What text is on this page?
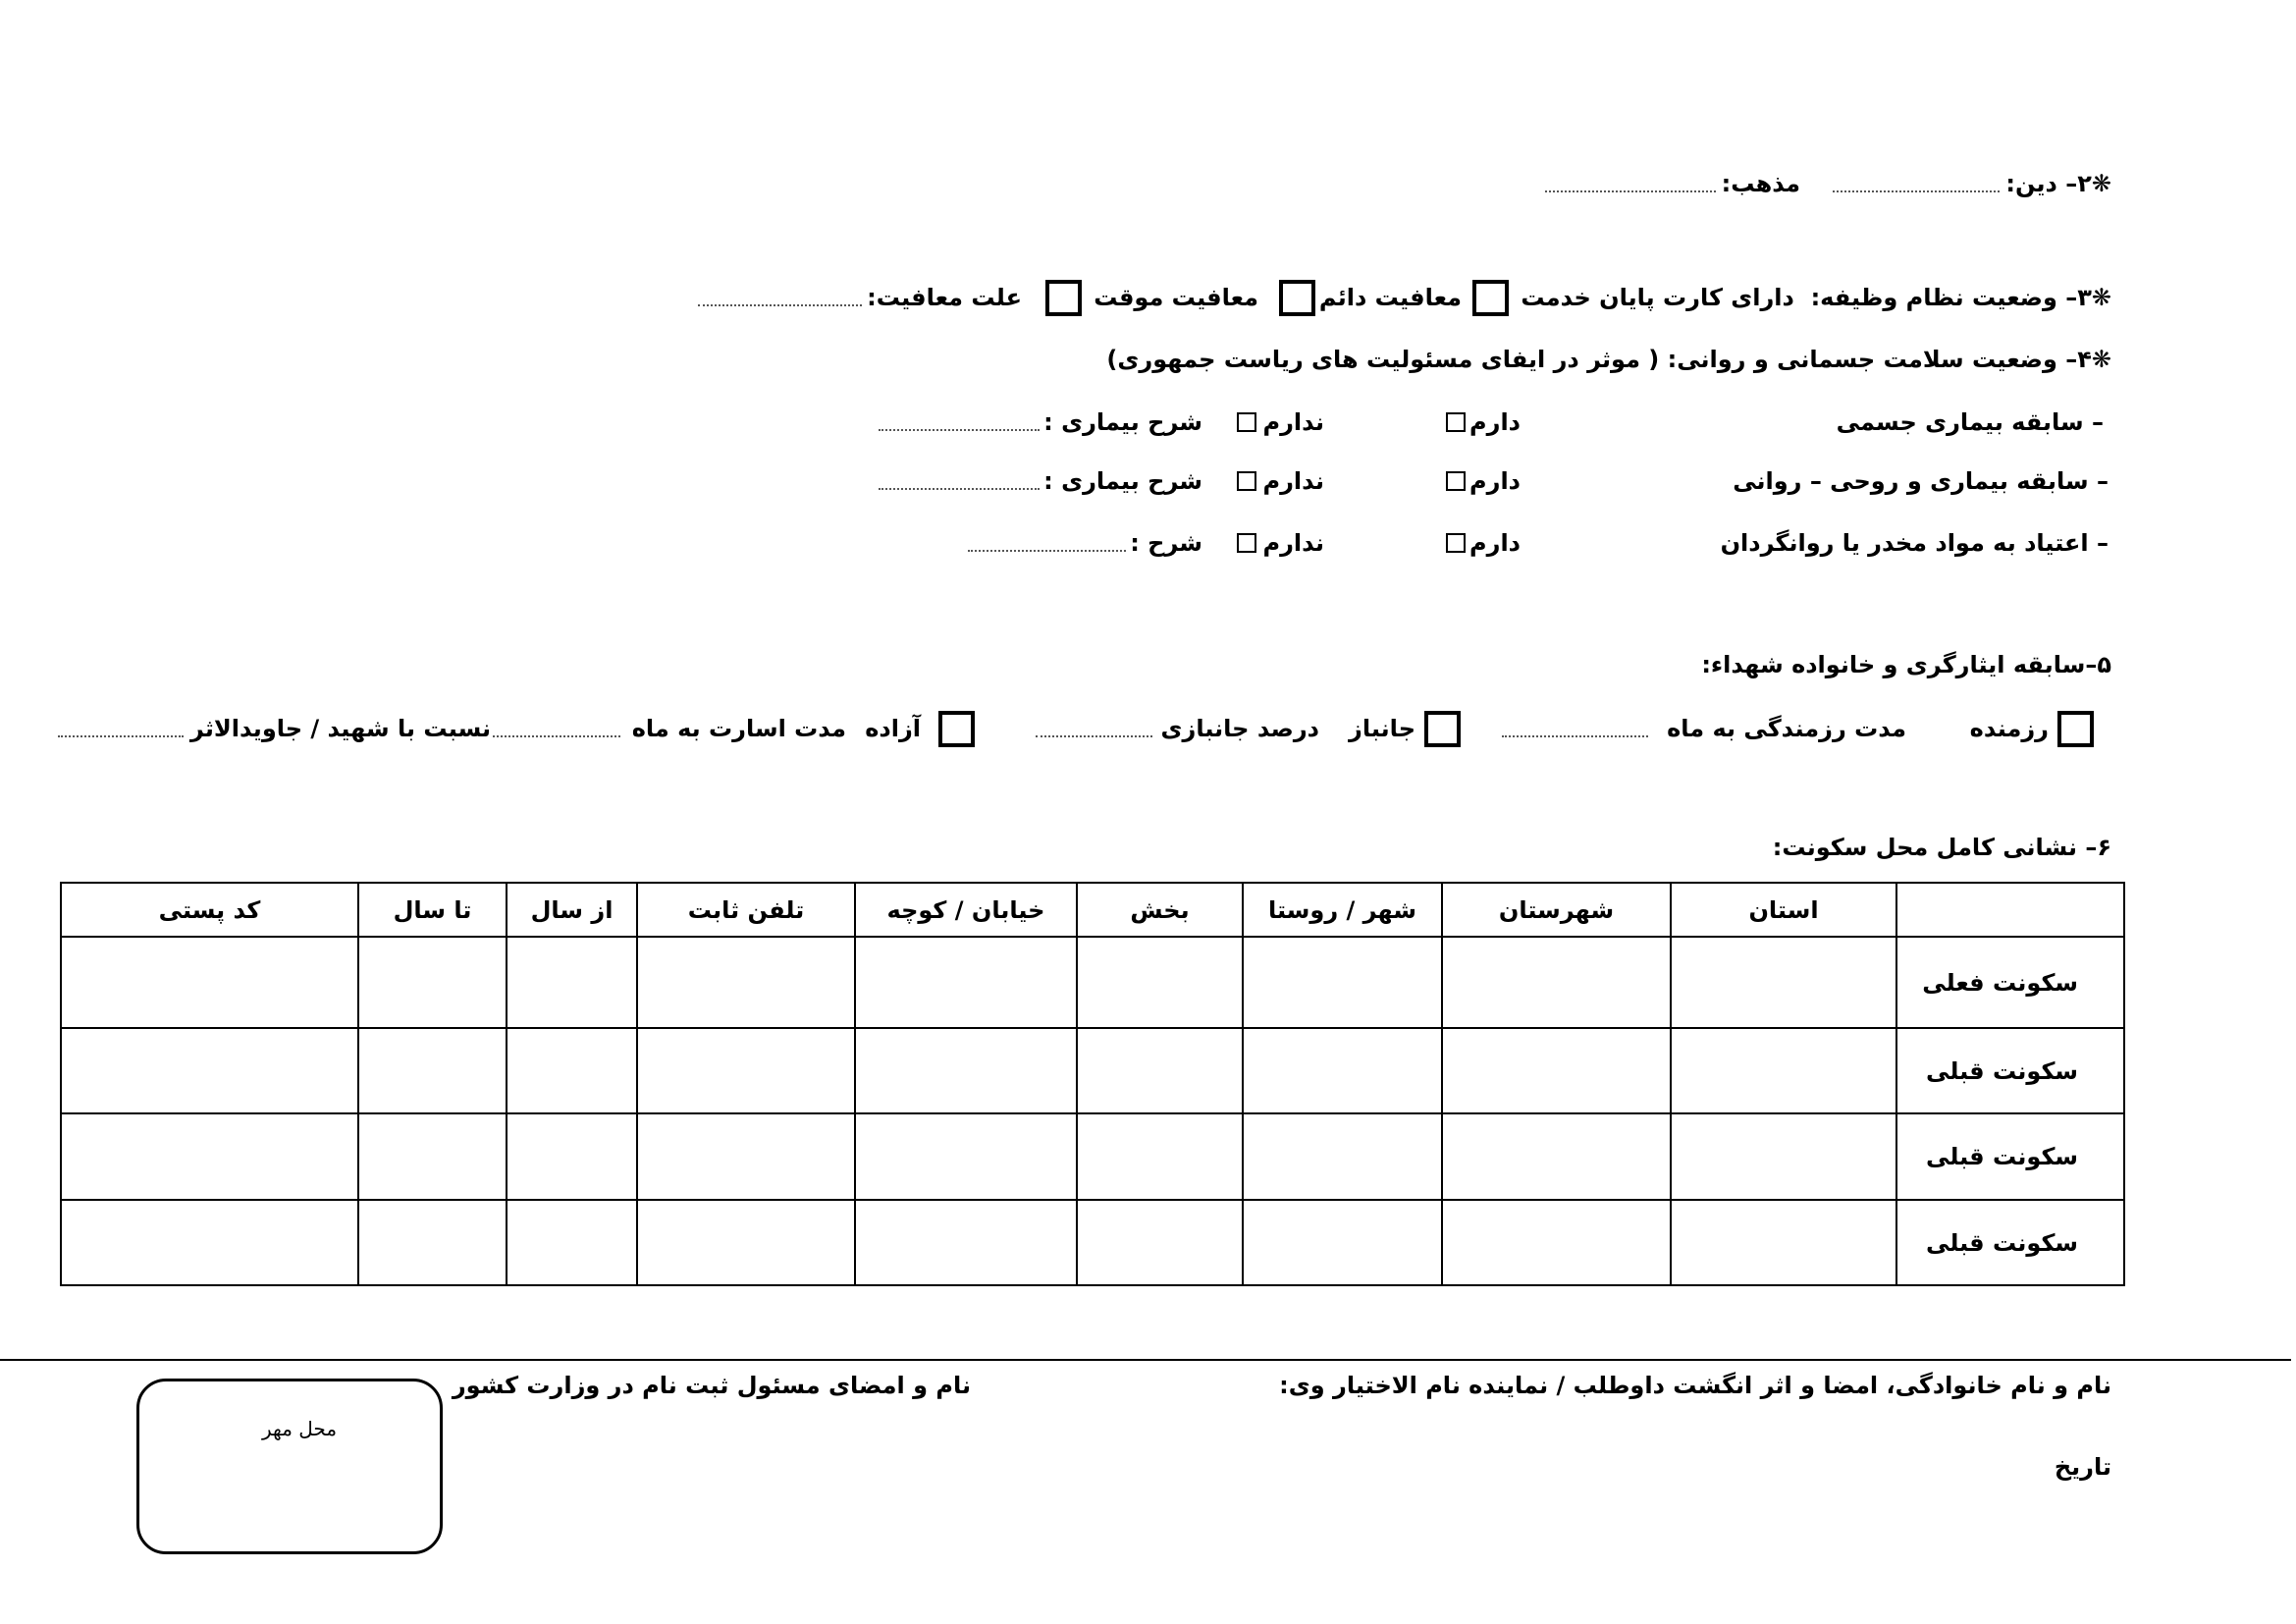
❋۲– دین:
مذهب:
❋۳– وضعیت نظام وظیفه:  دارای کارت پایان خدمت
معافیت دائم
معافیت موقت
علت معافیت:
❋۴– وضعیت سلامت جسمانی و روانی: ( موثر در ایفای مسئولیت های ریاست جمهوری)
– سابقه بیماری جسمی
دارم
ندارم
شرح بیماری :
– سابقه بیماری و روحی – روانی
دارم
ندارم
شرح بیماری :
– اعتیاد به مواد مخدر یا روانگردان
دارم
ندارم
شرح :
۵–سابقه ایثارگری و خانواده شهداء:
رزمنده
مدت رزمندگی به ماه
جانباز
درصد جانبازی
آزاده
مدت اسارت به ماه
نسبت با شهید / جاویدالاثر
۶– نشانی کامل محل سکونت:
	استان	شهرستان	شهر / روستا	بخش	خیابان / کوچه	تلفن ثابت	از سال	تا سال	کد پستی
سکونت فعلی									
سکونت قبلی									
سکونت قبلی									
سکونت قبلی									
نام و نام خانوادگی، امضا و اثر انگشت داوطلب / نماینده نام الاختیار وی:
تاریخ
نام و امضای مسئول ثبت نام در وزارت کشور
محل مهر
